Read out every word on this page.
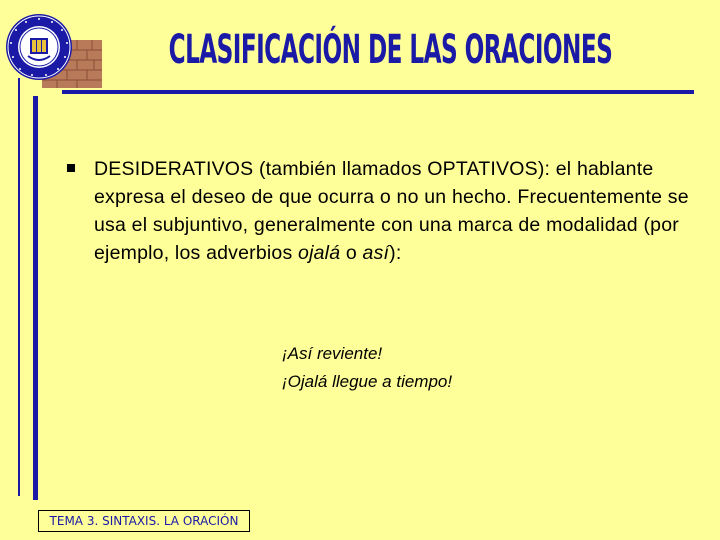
CLASIFICACIÓN DE LAS ORACIONES
DESIDERATIVOS (también llamados OPTATIVOS): el hablante expresa el deseo de que ocurra o no un hecho. Frecuentemente se usa el subjuntivo, generalmente con una marca de modalidad (por ejemplo, los adverbios ojalá o así):
¡Así reviente!
¡Ojalá llegue a tiempo!
TEMA 3. SINTAXIS. LA ORACIÓN
